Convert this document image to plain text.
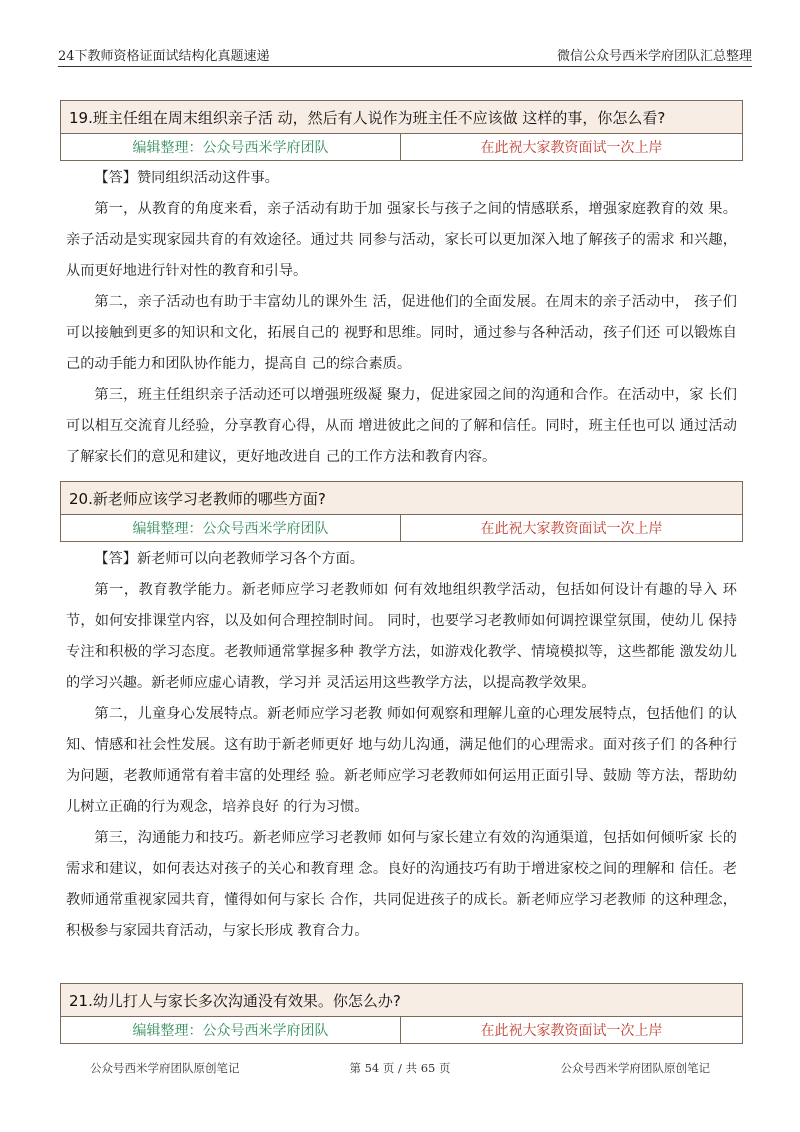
24下教师资格证面试结构化真题速递	微信公众号西米学府团队汇总整理
19.班主任组在周末组织亲子活 动，然后有人说作为班主任不应该做 这样的事，你怎么看?
编辑整理：公众号西米学府团队	在此祝大家教资面试一次上岸

【答】赞同组织活动这件事。

第一，从教育的角度来看，亲子活动有助于加 强家长与孩子之间的情感联系，增强家庭教育的效 果。亲子活动是实现家园共育的有效途径。通过共 同参与活动，家长可以更加深入地了解孩子的需求 和兴趣，从而更好地进行针对性的教育和引导。

第二，亲子活动也有助于丰富幼儿的课外生 活，促进他们的全面发展。在周末的亲子活动中， 孩子们可以接触到更多的知识和文化，拓展自己的 视野和思维。同时，通过参与各种活动，孩子们还 可以锻炼自己的动手能力和团队协作能力，提高自 己的综合素质。

第三，班主任组织亲子活动还可以增强班级凝 聚力，促进家园之间的沟通和合作。在活动中，家 长们可以相互交流育儿经验，分享教育心得，从而 增进彼此之间的了解和信任。同时，班主任也可以 通过活动了解家长们的意见和建议，更好地改进自 己的工作方法和教育内容。

20.新老师应该学习老教师的哪些方面?
编辑整理：公众号西米学府团队	在此祝大家教资面试一次上岸

【答】新老师可以向老教师学习各个方面。

第一，教育教学能力。新老师应学习老教师如 何有效地组织教学活动，包括如何设计有趣的导入 环节，如何安排课堂内容，以及如何合理控制时间。 同时，也要学习老教师如何调控课堂氛围，使幼儿 保持专注和积极的学习态度。老教师通常掌握多种 教学方法，如游戏化教学、情境模拟等，这些都能 激发幼儿的学习兴趣。新老师应虚心请教，学习并 灵活运用这些教学方法，以提高教学效果。

第二，儿童身心发展特点。新老师应学习老教 师如何观察和理解儿童的心理发展特点，包括他们 的认知、情感和社会性发展。这有助于新老师更好 地与幼儿沟通，满足他们的心理需求。面对孩子们 的各种行为问题，老教师通常有着丰富的处理经 验。新老师应学习老教师如何运用正面引导、鼓励 等方法，帮助幼儿树立正确的行为观念，培养良好 的行为习惯。

第三，沟通能力和技巧。新老师应学习老教师 如何与家长建立有效的沟通渠道，包括如何倾听家 长的需求和建议，如何表达对孩子的关心和教育理 念。良好的沟通技巧有助于增进家校之间的理解和 信任。老教师通常重视家园共育，懂得如何与家长 合作，共同促进孩子的成长。新老师应学习老教师 的这种理念，积极参与家园共育活动，与家长形成 教育合力。

21.幼儿打人与家长多次沟通没有效果。你怎么办?
编辑整理：公众号西米学府团队	在此祝大家教资面试一次上岸
公众号西米学府团队原创笔记	第 54 页 / 共 65 页	公众号西米学府团队原创笔记
